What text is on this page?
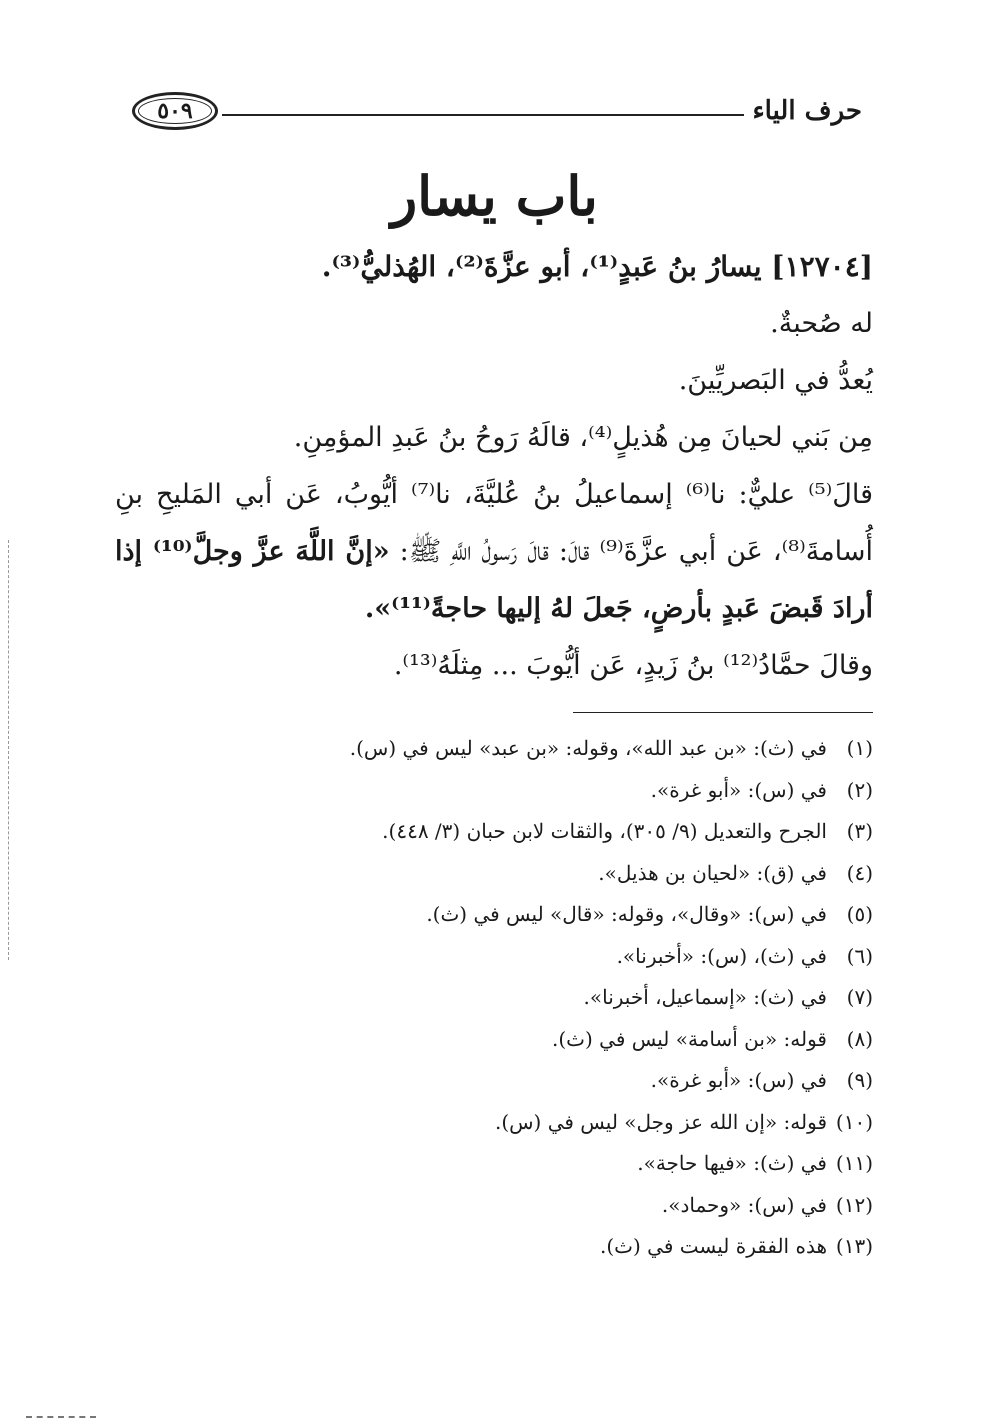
حرف الياء
٥٠٩
باب يسار

[١٢٧٠٤] يسارُ بنُ عَبدٍ⁽¹⁾، أبو عزَّةَ⁽²⁾، الهُذليُّ⁽³⁾.

له صُحبةٌ.

يُعدُّ في البَصريِّينَ.

مِن بَني لحيانَ مِن هُذيلٍ⁽⁴⁾، قالَهُ رَوحُ بنُ عَبدِ المؤمِنِ.

قالَ⁽⁵⁾ عليٌّ: نا⁽⁶⁾ إسماعيلُ بنُ عُليَّةَ، نا⁽⁷⁾ أيُّوبُ، عَن أبي المَليحِ بنِ أُسامةَ⁽⁸⁾، عَن أبي عزَّةَ⁽⁹⁾ قالَ: قالَ رَسولُ اللَّهِ ﷺ: «إنَّ اللَّهَ عزَّ وجلَّ⁽¹⁰⁾ إذا أرادَ قَبضَ عَبدٍ بأرضٍ، جَعلَ لهُ إليها حاجةً⁽¹¹⁾».

وقالَ حمَّادُ⁽¹²⁾ بنُ زَيدٍ، عَن أيُّوبَ ... مِثلَهُ⁽¹³⁾.

(١)
في (ث): «بن عبد الله»، وقوله: «بن عبد» ليس في (س).
(٢)
في (س): «أبو غرة».
(٣)
الجرح والتعديل (٩/ ٣٠٥)، والثقات لابن حبان (٣/ ٤٤٨).
(٤)
في (ق): «لحيان بن هذيل».
(٥)
في (س): «وقال»، وقوله: «قال» ليس في (ث).
(٦)
في (ث)، (س): «أخبرنا».
(٧)
في (ث): «إسماعيل، أخبرنا».
(٨)
قوله: «بن أسامة» ليس في (ث).
(٩)
في (س): «أبو غرة».
(١٠)
قوله: «إن الله عز وجل» ليس في (س).
(١١)
في (ث): «فيها حاجة».
(١٢)
في (س): «وحماد».
(١٣)
هذه الفقرة ليست في (ث).
